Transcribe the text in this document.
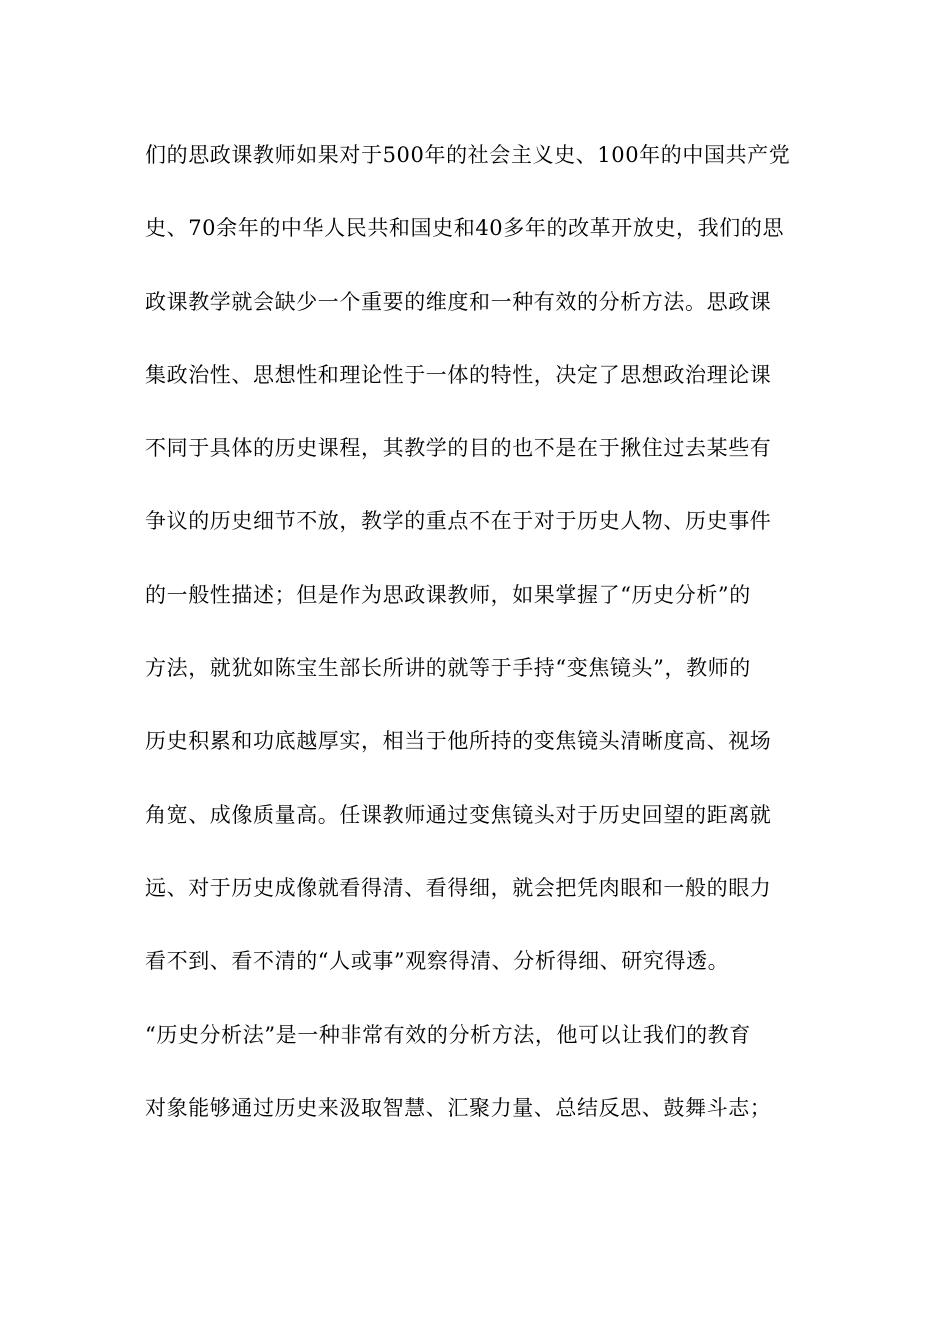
们的思政课教师如果对于500年的社会主义史、100年的中国共产党
史、70余年的中华人民共和国史和40多年的改革开放史，我们的思
政课教学就会缺少一个重要的维度和一种有效的分析方法。思政课
集政治性、思想性和理论性于一体的特性，决定了思想政治理论课
不同于具体的历史课程，其教学的目的也不是在于揪住过去某些有
争议的历史细节不放，教学的重点不在于对于历史人物、历史事件
的一般性描述；但是作为思政课教师，如果掌握了“历史分析”的
方法，就犹如陈宝生部长所讲的就等于手持“变焦镜头”，教师的
历史积累和功底越厚实，相当于他所持的变焦镜头清晰度高、视场
角宽、成像质量高。任课教师通过变焦镜头对于历史回望的距离就
远、对于历史成像就看得清、看得细，就会把凭肉眼和一般的眼力
看不到、看不清的“人或事”观察得清、分析得细、研究得透。
“历史分析法”是一种非常有效的分析方法，他可以让我们的教育
对象能够通过历史来汲取智慧、汇聚力量、总结反思、鼓舞斗志；
